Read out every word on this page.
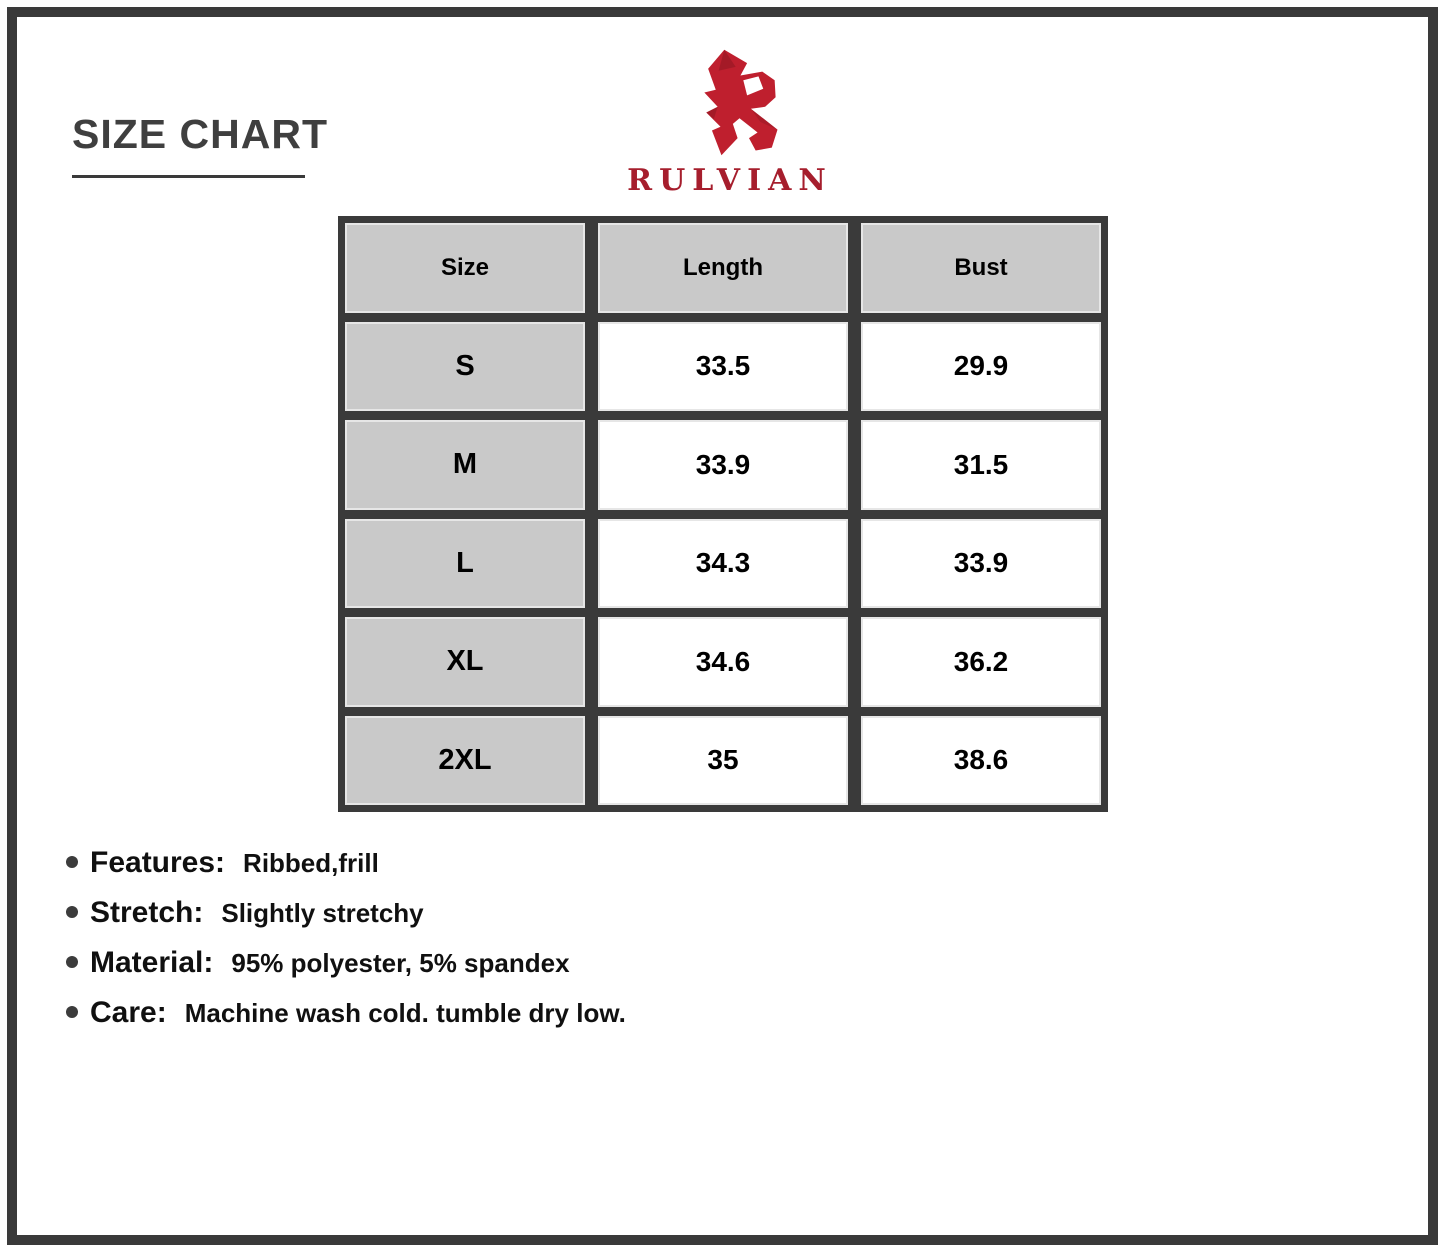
SIZE CHART
RULVIAN
Size	Length	Bust
S	33.5	29.9
M	33.9	31.5
L	34.3	33.9
XL	34.6	36.2
2XL	35	38.6
Features: Ribbed,frill
Stretch: Slightly stretchy
Material: 95% polyester, 5% spandex
Care: Machine wash cold. tumble dry low.
